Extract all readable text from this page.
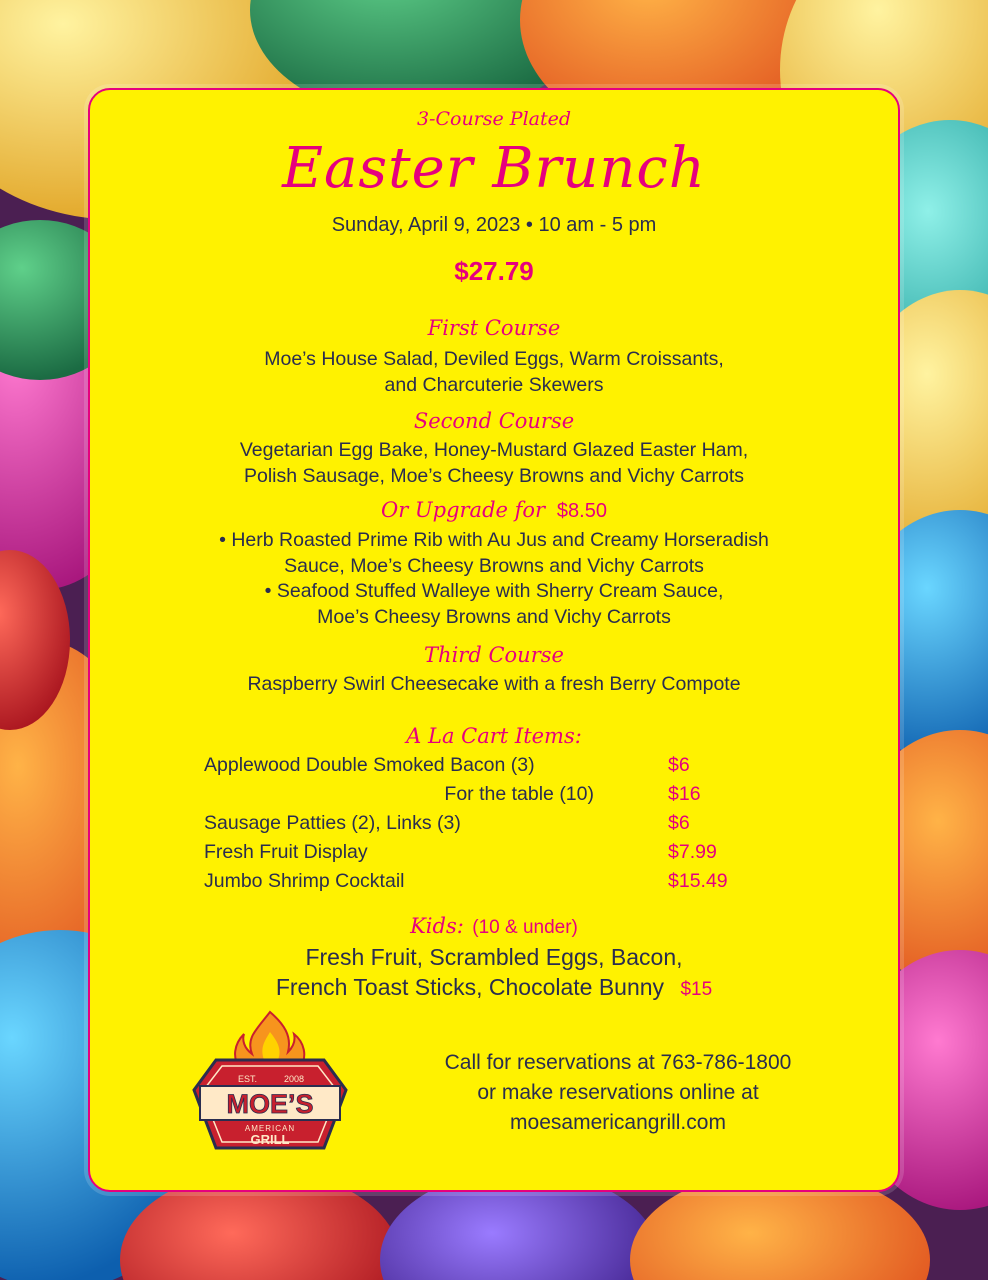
3-Course Plated
Easter Brunch
Sunday, April 9, 2023 • 10 am - 5 pm
$27.79
First Course
Moe’s House Salad, Deviled Eggs, Warm Croissants,
and Charcuterie Skewers
Second Course
Vegetarian Egg Bake, Honey-Mustard Glazed Easter Ham,
Polish Sausage, Moe’s Cheesy Browns and Vichy Carrots
Or Upgrade for $8.50
• Herb Roasted Prime Rib with Au Jus and Creamy Horseradish
Sauce, Moe’s Cheesy Browns and Vichy Carrots
• Seafood Stuffed Walleye with Sherry Cream Sauce,
Moe’s Cheesy Browns and Vichy Carrots
Third Course
Raspberry Swirl Cheesecake with a fresh Berry Compote
A La Cart Items:
Applewood Double Smoked Bacon (3)	$6
For the table (10)	$16
Sausage Patties (2), Links (3)	$6
Fresh Fruit Display	$7.99
Jumbo Shrimp Cocktail	$15.49
Kids: (10 & under)
Fresh Fruit, Scrambled Eggs, Bacon,
French Toast Sticks, Chocolate Bunny $15
EST.	2008
MOE’S
AMERICAN
GRILL
Call for reservations at 763-786-1800
or make reservations online at
moesamericangrill.com
